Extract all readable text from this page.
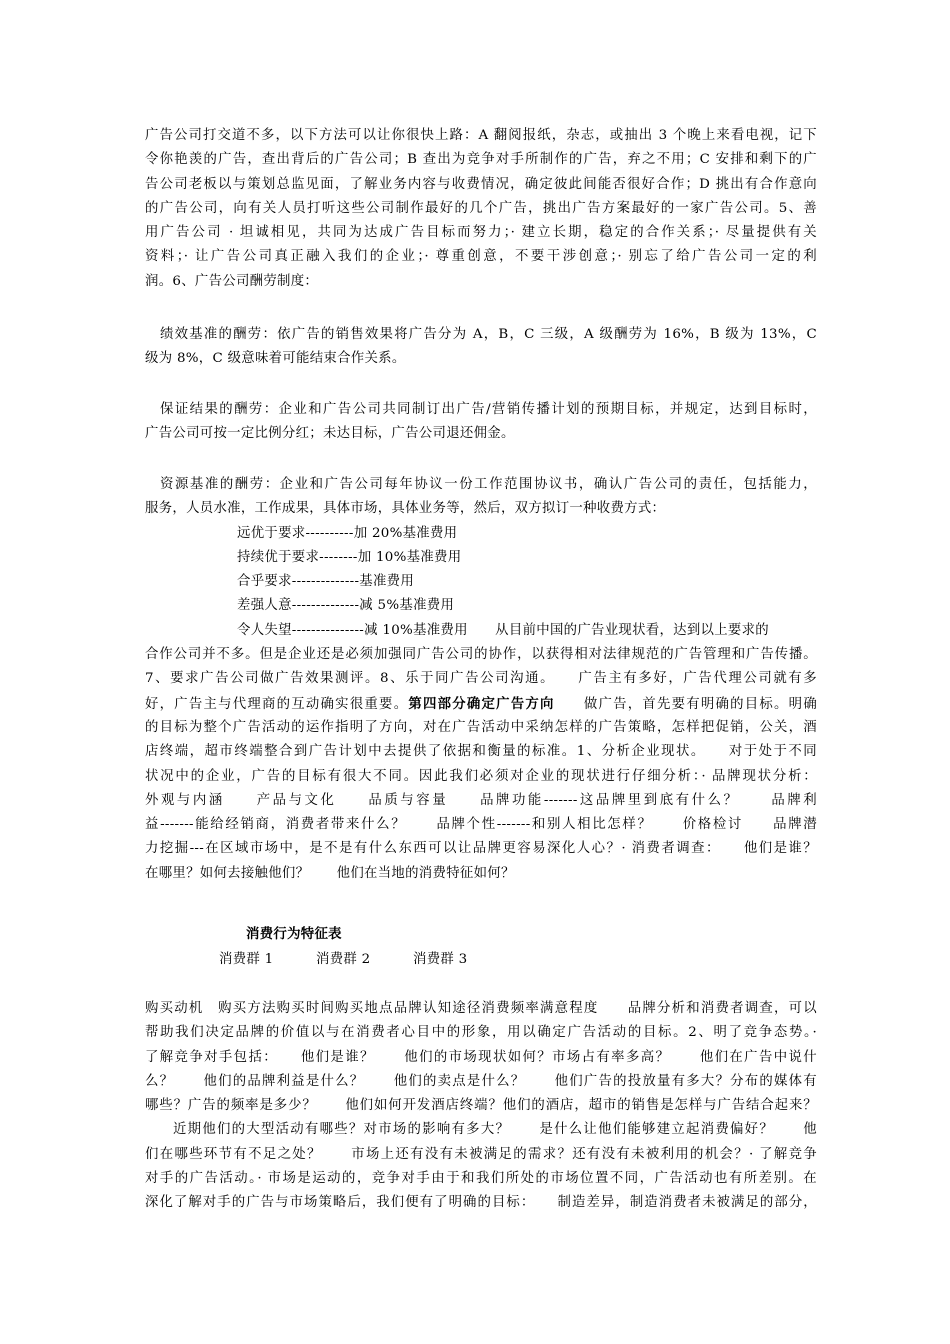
广告公司打交道不多，以下方法可以让你很快上路：A 翻阅报纸，杂志，或抽出 3 个晚上来看电视，记下
令你艳羡的广告，查出背后的广告公司；B 查出为竞争对手所制作的广告，弃之不用；C 安排和剩下的广
告公司老板以与策划总监见面，了解业务内容与收费情况，确定彼此间能否很好合作；D 挑出有合作意向
的广告公司，向有关人员打听这些公司制作最好的几个广告，挑出广告方案最好的一家广告公司。5、善
用广告公司 · 坦诚相见，共同为达成广告目标而努力；· 建立长期，稳定的合作关系；· 尽量提供有关
资料；· 让广告公司真正融入我们的企业；· 尊重创意，不要干涉创意；· 别忘了给广告公司一定的利
润。6、广告公司酬劳制度：
绩效基准的酬劳：依广告的销售效果将广告分为 A，B，C 三级，A 级酬劳为 16%，B 级为 13%，C
级为 8%，C 级意味着可能结束合作关系。
保证结果的酬劳：企业和广告公司共同制订出广告/营销传播计划的预期目标，并规定，达到目标时，
广告公司可按一定比例分红；未达目标，广告公司退还佣金。
资源基准的酬劳：企业和广告公司每年协议一份工作范围协议书，确认广告公司的责任，包括能力，
服务，人员水准，工作成果，具体市场，具体业务等，然后，双方拟订一种收费方式：
远优于要求----------加 20%基准费用
持续优于要求--------加 10%基准费用
合乎要求--------------基准费用
差强人意--------------减 5%基准费用
令人失望---------------减 10%基准费用　　从目前中国的广告业现状看，达到以上要求的
合作公司并不多。但是企业还是必须加强同广告公司的协作，以获得相对法律规范的广告管理和广告传播。
7、要求广告公司做广告效果测评。8、乐于同广告公司沟通。　　广告主有多好，广告代理公司就有多
好，广告主与代理商的互动确实很重要。第四部分确定广告方向　　做广告，首先要有明确的目标。明确
的目标为整个广告活动的运作指明了方向，对在广告活动中采纳怎样的广告策略，怎样把促销，公关，酒
店终端，超市终端整合到广告计划中去提供了依据和衡量的标准。1、分析企业现状。　　对于处于不同
状况中的企业，广告的目标有很大不同。因此我们必须对企业的现状进行仔细分析：· 品牌现状分析：
外观与内涵　　产品与文化　　品质与容量　　品牌功能-------这品牌里到底有什么？　　品牌利
益-------能给经销商，消费者带来什么？　　品牌个性-------和别人相比怎样？　　价格检讨　　品牌潜
力挖掘---在区域市场中，是不是有什么东西可以让品牌更容易深化人心？· 消费者调查：　　他们是谁？
在哪里？如何去接触他们？　　他们在当地的消费特征如何？
消费行为特征表
消费群 1	消费群 2	消费群 3
购买动机　购买方法购买时间购买地点品牌认知途径消费频率满意程度　　品牌分析和消费者调查，可以
帮助我们决定品牌的价值以与在消费者心目中的形象，用以确定广告活动的目标。2、明了竞争态势。·
了解竞争对手包括：　　他们是谁？　　他们的市场现状如何？市场占有率多高？　　他们在广告中说什
么？　　他们的品牌利益是什么？　　他们的卖点是什么？　　他们广告的投放量有多大？分布的媒体有
哪些？广告的频率是多少？　　他们如何开发酒店终端？他们的酒店，超市的销售是怎样与广告结合起来？
近期他们的大型活动有哪些？对市场的影响有多大？　　是什么让他们能够建立起消费偏好？　　他
们在哪些环节有不足之处？　　市场上还有没有未被满足的需求？还有没有未被利用的机会？· 了解竞争
对手的广告活动。· 市场是运动的，竞争对手由于和我们所处的市场位置不同，广告活动也有所差别。在
深化了解对手的广告与市场策略后，我们便有了明确的目标：　　制造差异，制造消费者未被满足的部分，
